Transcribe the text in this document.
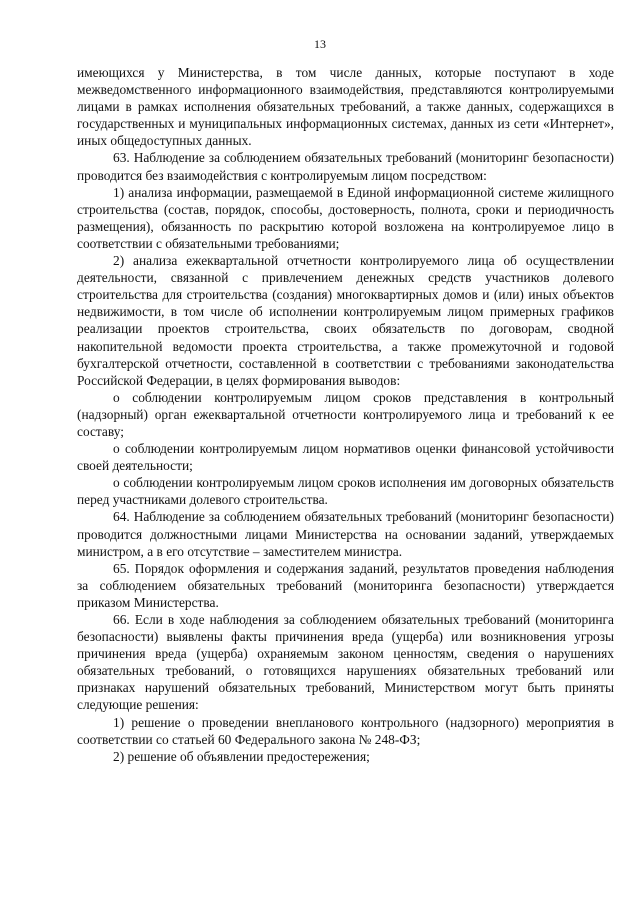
13

имеющихся у Министерства, в том числе данных, которые поступают в ходе межведомственного информационного взаимодействия, представляются контролируемыми лицами в рамках исполнения обязательных требований, а также данных, содержащихся в государственных и муниципальных информационных системах, данных из сети «Интернет», иных общедоступных данных.

63. Наблюдение за соблюдением обязательных требований (мониторинг безопасности) проводится без взаимодействия с контролируемым лицом посредством:

1) анализа информации, размещаемой в Единой информационной системе жилищного строительства (состав, порядок, способы, достоверность, полнота, сроки и периодичность размещения), обязанность по раскрытию которой возложена на контролируемое лицо в соответствии с обязательными требованиями;

2) анализа ежеквартальной отчетности контролируемого лица об осуществлении деятельности, связанной с привлечением денежных средств участников долевого строительства для строительства (создания) многоквартирных домов и (или) иных объектов недвижимости, в том числе об исполнении контролируемым лицом примерных графиков реализации проектов строительства, своих обязательств по договорам, сводной накопительной ведомости проекта строительства, а также промежуточной и годовой бухгалтерской отчетности, составленной в соответствии с требованиями законодательства Российской Федерации, в целях формирования выводов:

о соблюдении контролируемым лицом сроков представления в контрольный (надзорный) орган ежеквартальной отчетности контролируемого лица и требований к ее составу;

о соблюдении контролируемым лицом нормативов оценки финансовой устойчивости своей деятельности;

о соблюдении контролируемым лицом сроков исполнения им договорных обязательств перед участниками долевого строительства.

64. Наблюдение за соблюдением обязательных требований (мониторинг безопасности) проводится должностными лицами Министерства на основании заданий, утверждаемых министром, а в его отсутствие – заместителем министра.

65. Порядок оформления и содержания заданий, результатов проведения наблюдения за соблюдением обязательных требований (мониторинга безопасности) утверждается приказом Министерства.

66. Если в ходе наблюдения за соблюдением обязательных требований (мониторинга безопасности) выявлены факты причинения вреда (ущерба) или возникновения угрозы причинения вреда (ущерба) охраняемым законом ценностям, сведения о нарушениях обязательных требований, о готовящихся нарушениях обязательных требований или признаках нарушений обязательных требований, Министерством могут быть приняты следующие решения:

1) решение о проведении внепланового контрольного (надзорного) мероприятия в соответствии со статьей 60 Федерального закона № 248-ФЗ;

2) решение об объявлении предостережения;
